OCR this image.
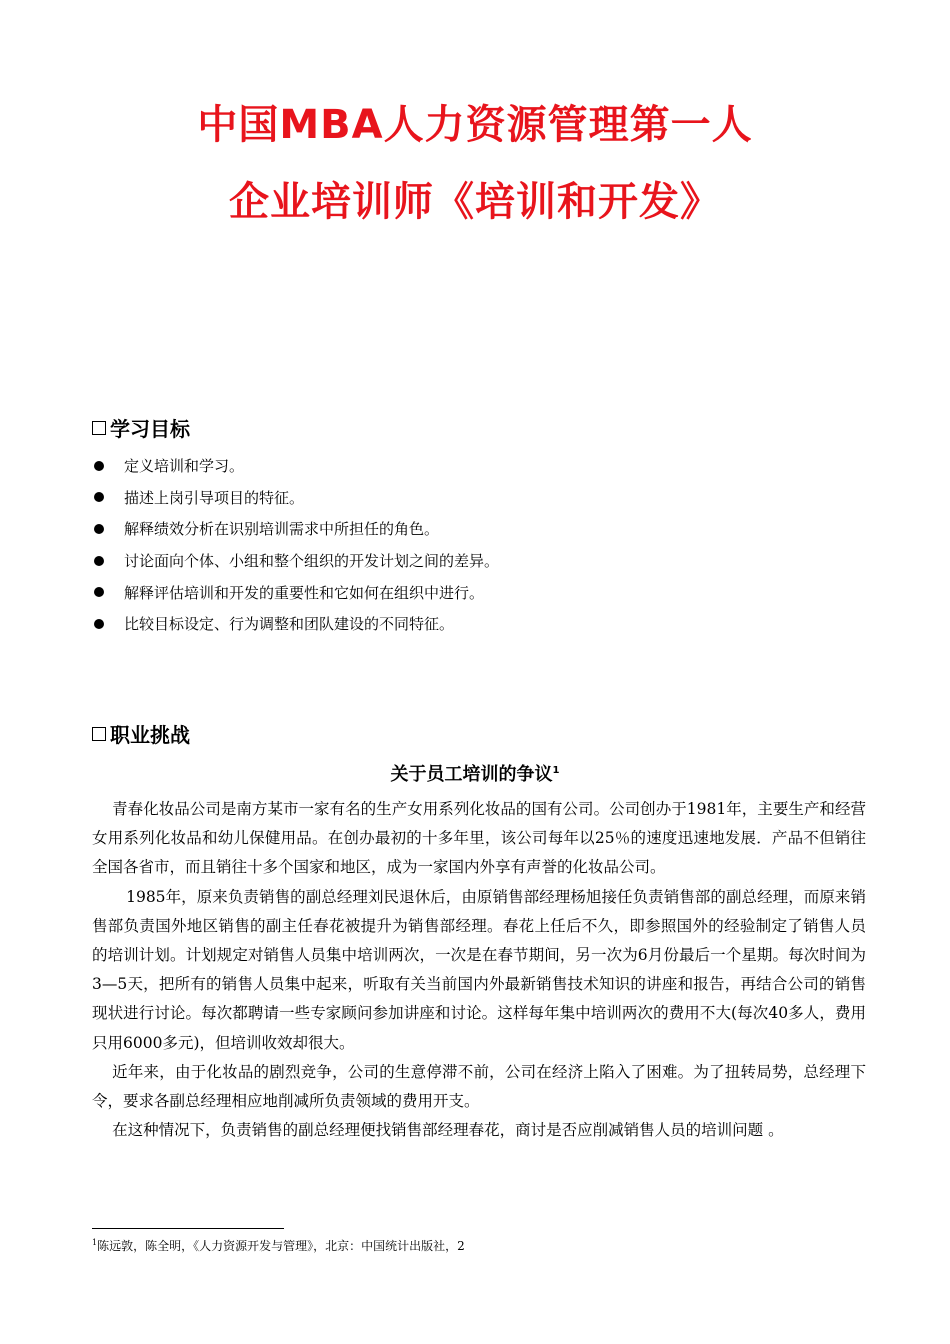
中国MBA人力资源管理第一人
企业培训师《培训和开发》
学习目标
定义培训和学习。
描述上岗引导项目的特征。
解释绩效分析在识别培训需求中所担任的角色。
讨论面向个体、小组和整个组织的开发计划之间的差异。
解释评估培训和开发的重要性和它如何在组织中进行。
比较目标设定、行为调整和团队建设的不同特征。
职业挑战
关于员工培训的争议$^1$

青春化妆品公司是南方某市一家有名的生产女用系列化妆品的国有公司。公司创办于1981年，主要生产和经营女用系列化妆品和幼儿保健用品。在创办最初的十多年里，该公司每年以25％的速度迅速地发展．产品不但销往全国各省市，而且销往十多个国家和地区，成为一家国内外享有声誉的化妆品公司。

1985年，原来负责销售的副总经理刘民退休后，由原销售部经理杨旭接任负责销售部的副总经理，而原来销售部负责国外地区销售的副主任春花被提升为销售部经理。春花上任后不久，即参照国外的经验制定了销售人员的培训计划。计划规定对销售人员集中培训两次，一次是在春节期间，另一次为6月份最后一个星期。每次时间为3—5天，把所有的销售人员集中起来，听取有关当前国内外最新销售技术知识的讲座和报告，再结合公司的销售现状进行讨论。每次都聘请一些专家顾问参加讲座和讨论。这样每年集中培训两次的费用不大(每次40多人，费用只用6000多元)，但培训收效却很大。

近年来，由于化妆品的剧烈竞争，公司的生意停滞不前，公司在经济上陷入了困难。为了扭转局势，总经理下令，要求各副总经理相应地削减所负责领域的费用开支。

在这种情况下，负责销售的副总经理便找销售部经理春花，商讨是否应削减销售人员的培训问题 。

$^1$陈远敦，陈全明，《人力资源开发与管理》，北京：中国统计出版社，2
